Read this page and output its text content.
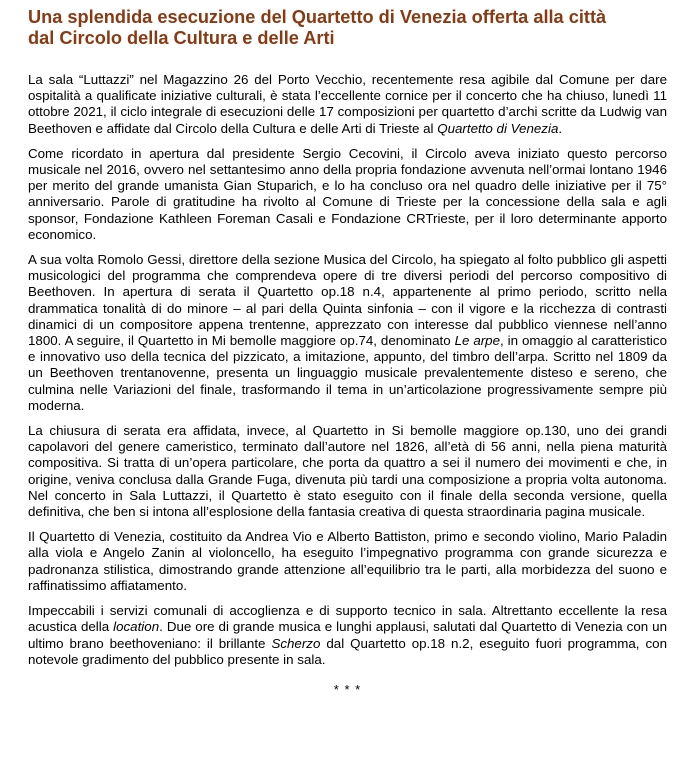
Una splendida esecuzione del Quartetto di Venezia offerta alla città
dal Circolo della Cultura e delle Arti

La sala “Luttazzi” nel Magazzino 26 del Porto Vecchio, recentemente resa agibile dal Comune per dare ospitalità a qualificate iniziative culturali, è stata l’eccellente cornice per il concerto che ha chiuso, lunedì 11 ottobre 2021, il ciclo integrale di esecuzioni delle 17 composizioni per quartetto d’archi scritte da Ludwig van Beethoven e affidate dal Circolo della Cultura e delle Arti di Trieste al Quartetto di Venezia.

Come ricordato in apertura dal presidente Sergio Cecovini, il Circolo aveva iniziato questo percorso musicale nel 2016, ovvero nel settantesimo anno della propria fondazione avvenuta nell’ormai lontano 1946 per merito del grande umanista Gian Stuparich, e lo ha concluso ora nel quadro delle iniziative per il 75° anniversario. Parole di gratitudine ha rivolto al Comune di Trieste per la concessione della sala e agli sponsor, Fondazione Kathleen Foreman Casali e Fondazione CRTrieste, per il loro determinante apporto economico.

A sua volta Romolo Gessi, direttore della sezione Musica del Circolo, ha spiegato al folto pubblico gli aspetti musicologici del programma che comprendeva opere di tre diversi periodi del percorso compositivo di Beethoven. In apertura di serata il Quartetto op.18 n.4, appartenente al primo periodo, scritto nella drammatica tonalità di do minore – al pari della Quinta sinfonia – con il vigore e la ricchezza di contrasti dinamici di un compositore appena trentenne, apprezzato con interesse dal pubblico viennese nell’anno 1800. A seguire, il Quartetto in Mi bemolle maggiore op.74, denominato Le arpe, in omaggio al caratteristico e innovativo uso della tecnica del pizzicato, a imitazione, appunto, del timbro dell’arpa. Scritto nel 1809 da un Beethoven trentanovenne, presenta un linguaggio musicale prevalentemente disteso e sereno, che culmina nelle Variazioni del finale, trasformando il tema in un’articolazione progressivamente sempre più moderna.

La chiusura di serata era affidata, invece, al Quartetto in Si bemolle maggiore op.130, uno dei grandi capolavori del genere cameristico, terminato dall’autore nel 1826, all’età di 56 anni, nella piena maturità compositiva. Si tratta di un’opera particolare, che porta da quattro a sei il numero dei movimenti e che, in origine, veniva conclusa dalla Grande Fuga, divenuta più tardi una composizione a propria volta autonoma. Nel concerto in Sala Luttazzi, il Quartetto è stato eseguito con il finale della seconda versione, quella definitiva, che ben si intona all’esplosione della fantasia creativa di questa straordinaria pagina musicale.

Il Quartetto di Venezia, costituito da Andrea Vio e Alberto Battiston, primo e secondo violino, Mario Paladin alla viola e Angelo Zanin al violoncello, ha eseguito l’impegnativo programma con grande sicurezza e padronanza stilistica, dimostrando grande attenzione all’equilibrio tra le parti, alla morbidezza del suono e raffinatissimo affiatamento.

Impeccabili i servizi comunali di accoglienza e di supporto tecnico in sala. Altrettanto eccellente la resa acustica della location. Due ore di grande musica e lunghi applausi, salutati dal Quartetto di Venezia con un ultimo brano beethoveniano: il brillante Scherzo dal Quartetto op.18 n.2, eseguito fuori programma, con notevole gradimento del pubblico presente in sala.

* * *
